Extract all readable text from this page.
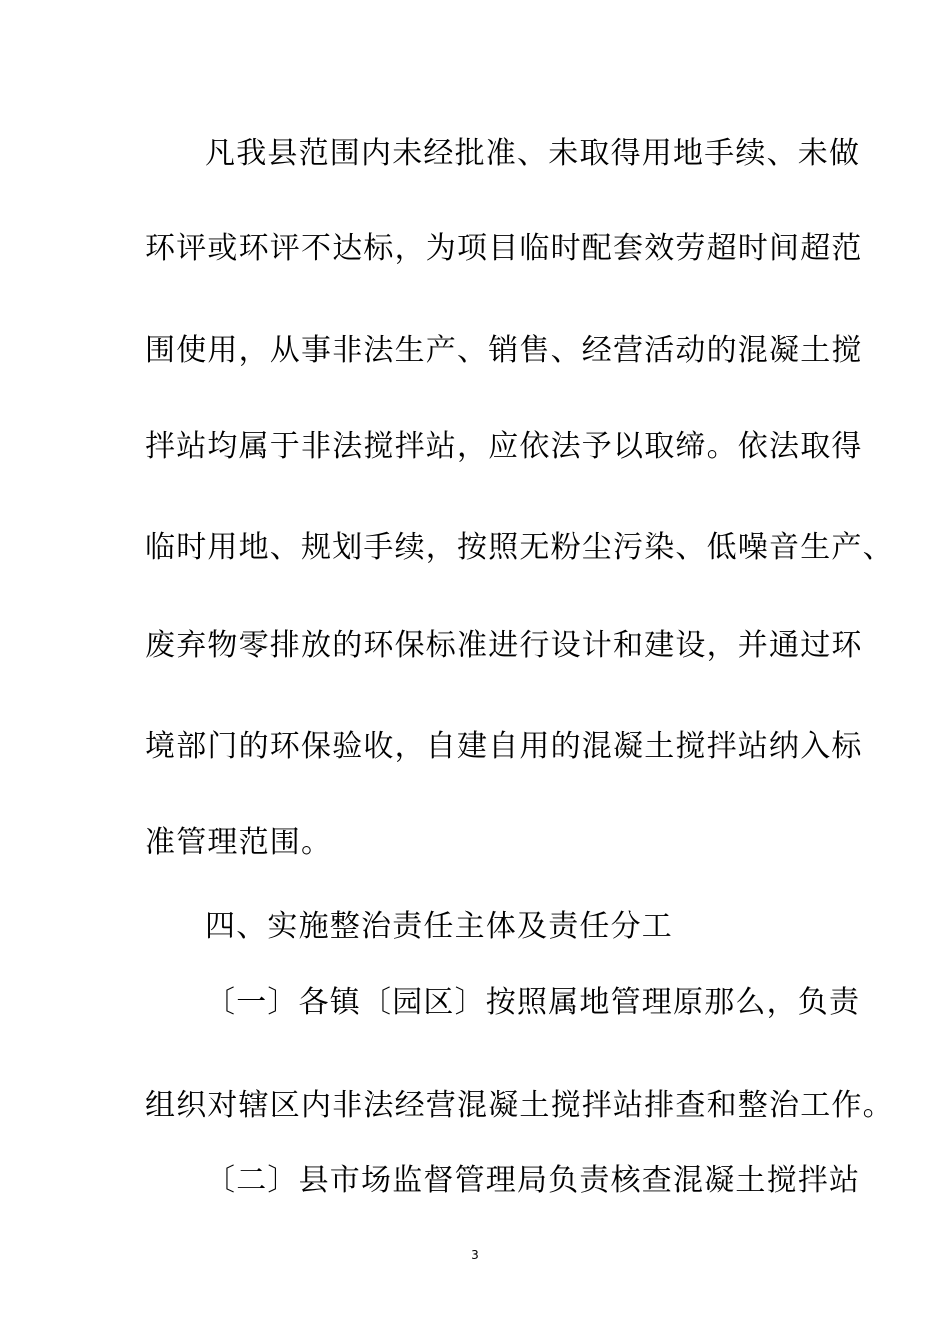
凡我县范围内未经批准、未取得用地手续、未做
环评或环评不达标，为项目临时配套效劳超时间超范
围使用，从事非法生产、销售、经营活动的混凝土搅
拌站均属于非法搅拌站，应依法予以取缔。依法取得
临时用地、规划手续，按照无粉尘污染、低噪音生产、
废弃物零排放的环保标准进行设计和建设，并通过环
境部门的环保验收，自建自用的混凝土搅拌站纳入标
准管理范围。
四、实施整治责任主体及责任分工
〔一〕各镇〔园区〕按照属地管理原那么，负责
组织对辖区内非法经营混凝土搅拌站排查和整治工作。
〔二〕县市场监督管理局负责核查混凝土搅拌站
3
